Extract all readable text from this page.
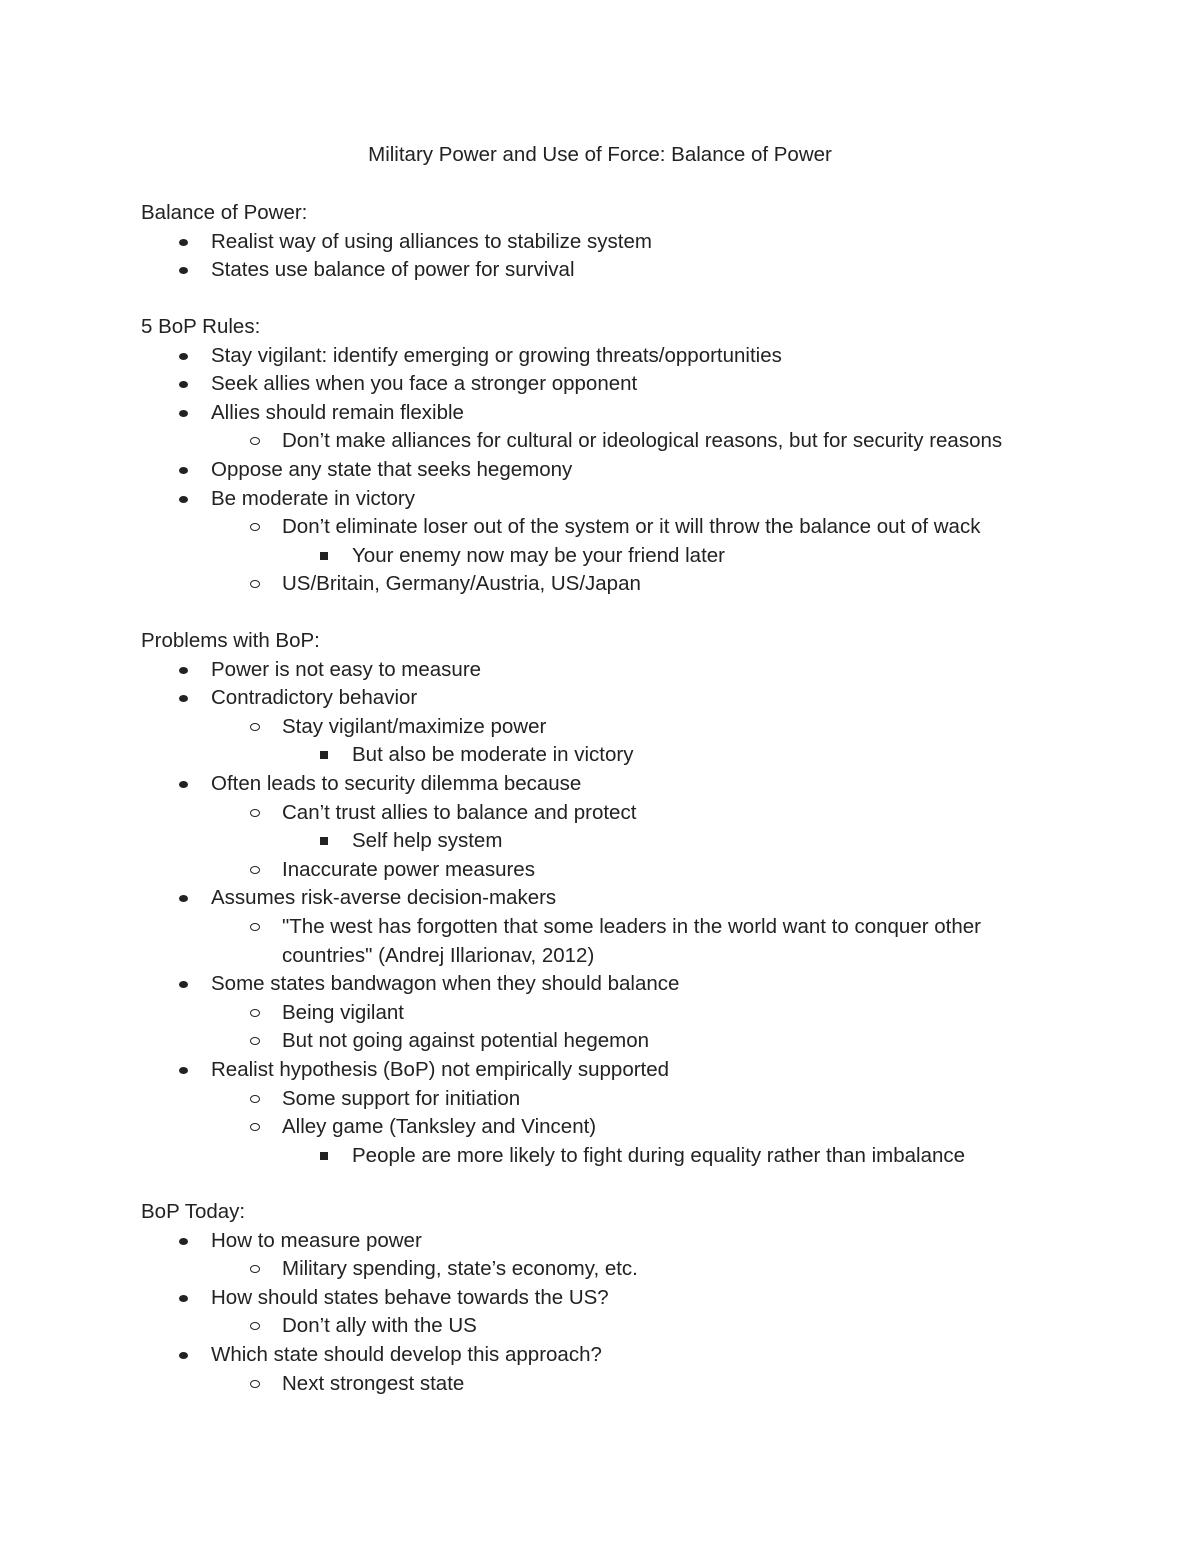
Military Power and Use of Force: Balance of Power
Balance of Power:
Realist way of using alliances to stabilize system
States use balance of power for survival
5 BoP Rules:
Stay vigilant: identify emerging or growing threats/opportunities
Seek allies when you face a stronger opponent
Allies should remain flexible
Don’t make alliances for cultural or ideological reasons, but for security reasons
Oppose any state that seeks hegemony
Be moderate in victory
Don’t eliminate loser out of the system or it will throw the balance out of wack
Your enemy now may be your friend later
US/Britain, Germany/Austria, US/Japan
Problems with BoP:
Power is not easy to measure
Contradictory behavior
Stay vigilant/maximize power
But also be moderate in victory
Often leads to security dilemma because
Can’t trust allies to balance and protect
Self help system
Inaccurate power measures
Assumes risk-averse decision-makers
"The west has forgotten that some leaders in the world want to conquer other
countries" (Andrej Illarionav, 2012)
Some states bandwagon when they should balance
Being vigilant
But not going against potential hegemon
Realist hypothesis (BoP) not empirically supported
Some support for initiation
Alley game (Tanksley and Vincent)
People are more likely to fight during equality rather than imbalance
BoP Today:
How to measure power
Military spending, state’s economy, etc.
How should states behave towards the US?
Don’t ally with the US
Which state should develop this approach?
Next strongest state
